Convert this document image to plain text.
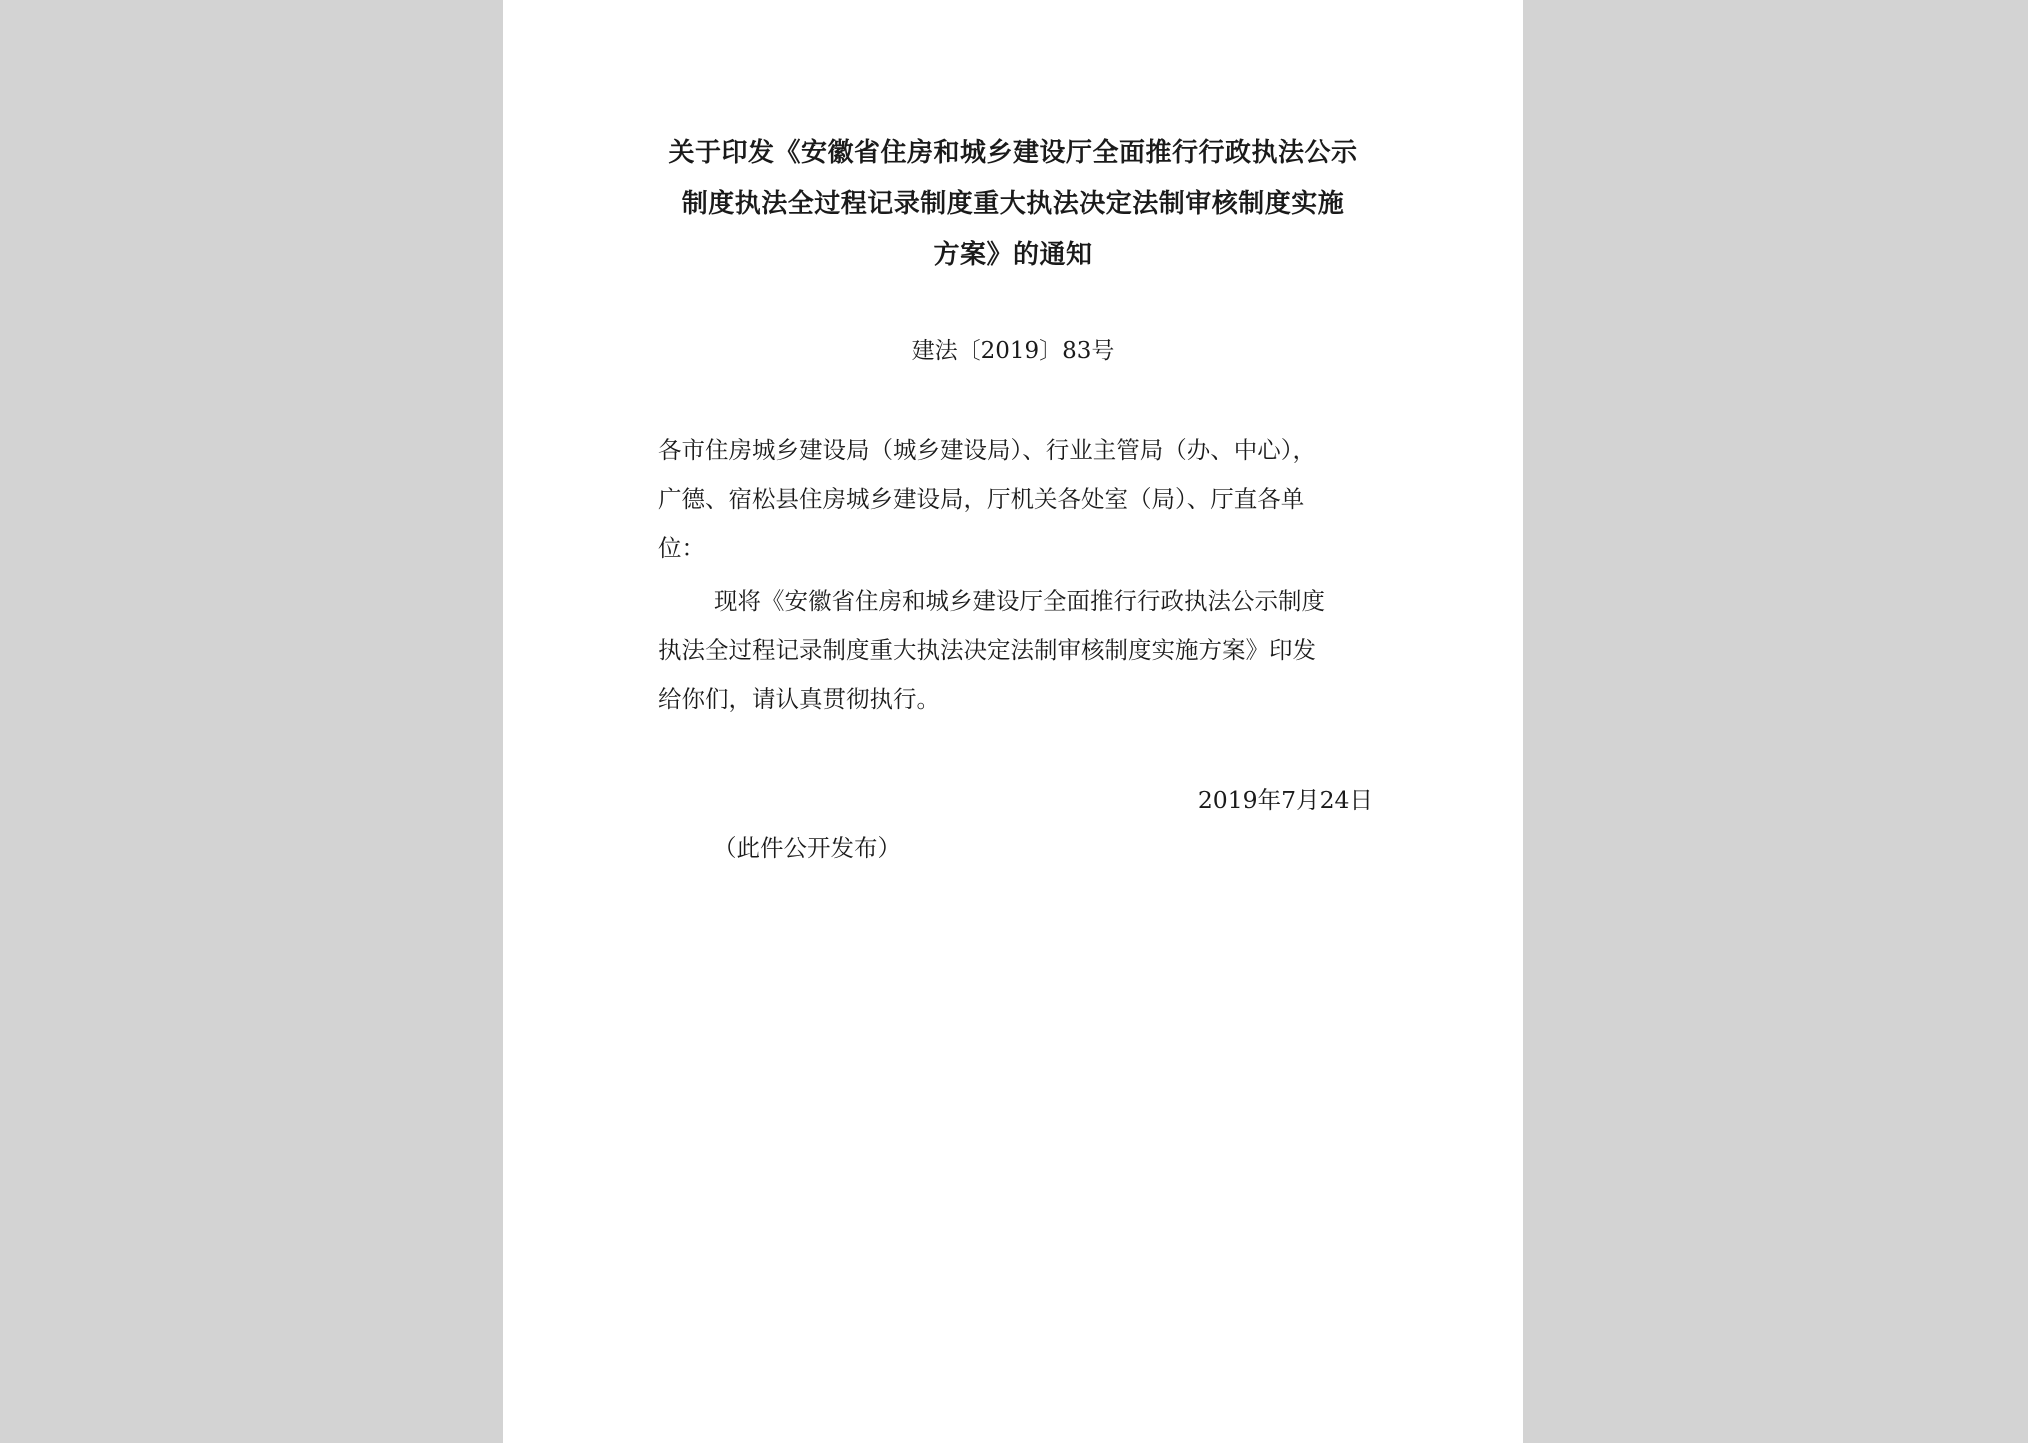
关于印发《安徽省住房和城乡建设厅全面推行行政执法公示
制度执法全过程记录制度重大执法决定法制审核制度实施
方案》的通知
建法〔2019〕83号
各市住房城乡建设局（城乡建设局）、行业主管局（办、中心），
广德、宿松县住房城乡建设局，厅机关各处室（局）、厅直各单
位：
现将《安徽省住房和城乡建设厅全面推行行政执法公示制度
执法全过程记录制度重大执法决定法制审核制度实施方案》印发
给你们，请认真贯彻执行。
2019年7月24日
（此件公开发布）
